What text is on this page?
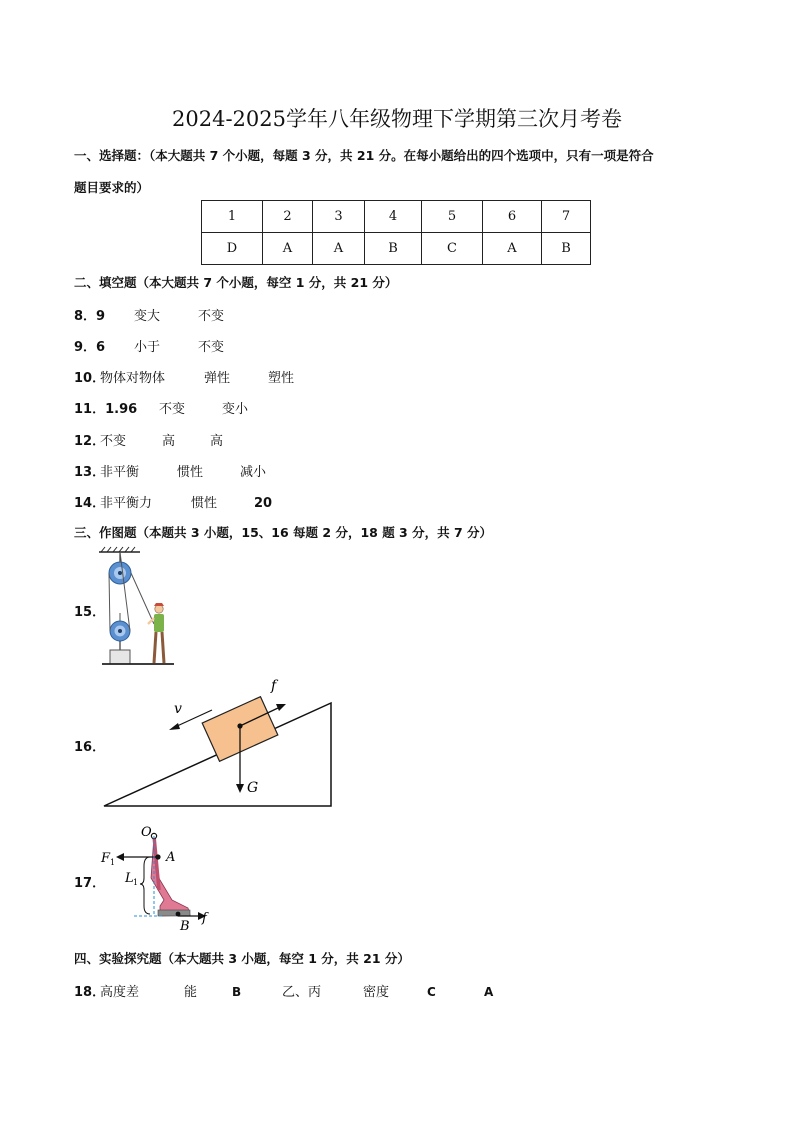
2024-2025学年八年级物理下学期第三次月考卷
一、选择题：（本大题共 7 个小题，每题 3 分，共 21 分。在每小题给出的四个选项中，只有一项是符合
题目要求的）
1	2	3	4	5	6	7
D	A	A	B	C	A	B
二、填空题（本大题共 7 个小题，每空 1 分，共 21 分）
8．9 变大	不变
9．6 小于	不变
10．物体对物体	弹性	塑性
11．1.96 不变	变小
12．不变	高	高
13．非平衡	惯性	减小
14．非平衡力	惯性	20
三、作图题（本题共 3 小题，15、16 每题 2 分，18 题 3 分，共 7 分）
15．
16．
v
f
G
17．
O
A
F 1
L 1
B
f
四、实验探究题（本大题共 3 小题，每空 1 分，共 21 分）
18．高度差	能	B	乙、丙	密度	C	A
